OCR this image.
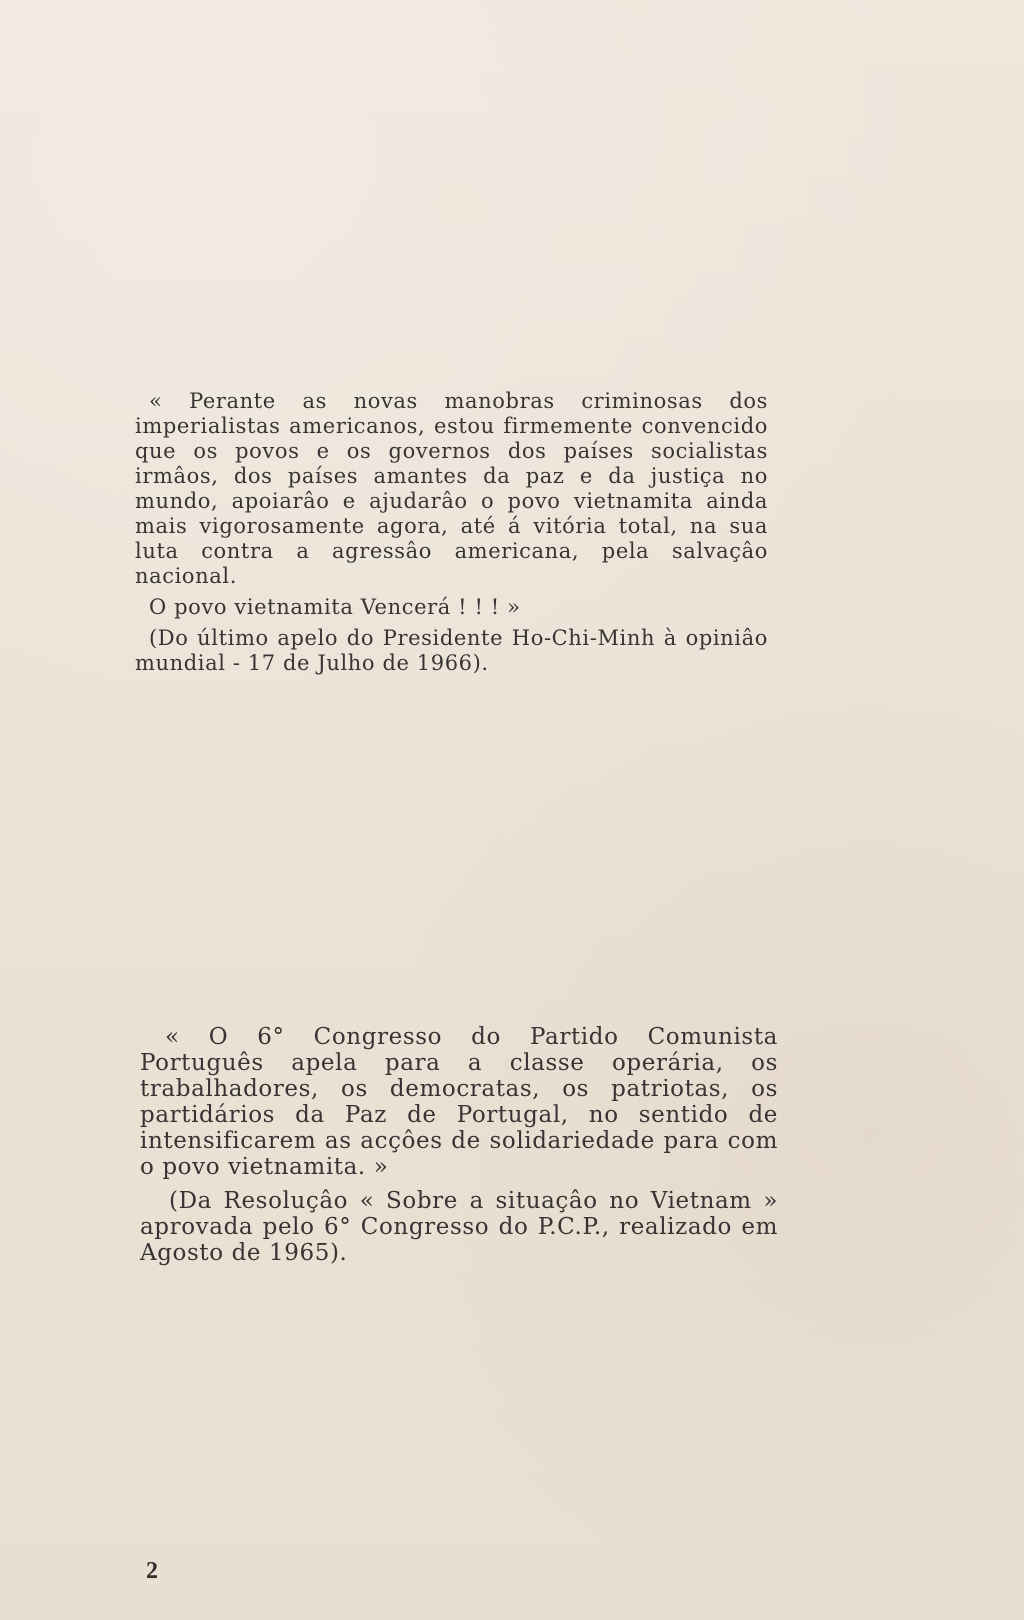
« Perante as novas manobras criminosas dos imperialistas americanos, estou firmemente convencido que os povos e os governos dos países socialistas irmâos, dos países amantes da paz e da justiça no mundo, apoiarâo e ajudarâo o povo vietnamita ainda mais vigorosamente agora, até á vitória total, na sua luta contra a agressâo americana, pela salvaçâo nacional.

O povo vietnamita Vencerá ! ! ! »

(Do último apelo do Presidente Ho-Chi-Minh à opiniâo mundial - 17 de Julho de 1966).

« O 6° Congresso do Partido Comunista Português apela para a classe operária, os trabalhadores, os democratas, os patriotas, os partidários da Paz de Portugal, no sentido de intensificarem as acçôes de solidariedade para com o povo vietnamita. »

(Da Resoluçâo « Sobre a situaçâo no Vietnam » aprovada pelo 6° Congresso do P.C.P., realizado em Agosto de 1965).

2
